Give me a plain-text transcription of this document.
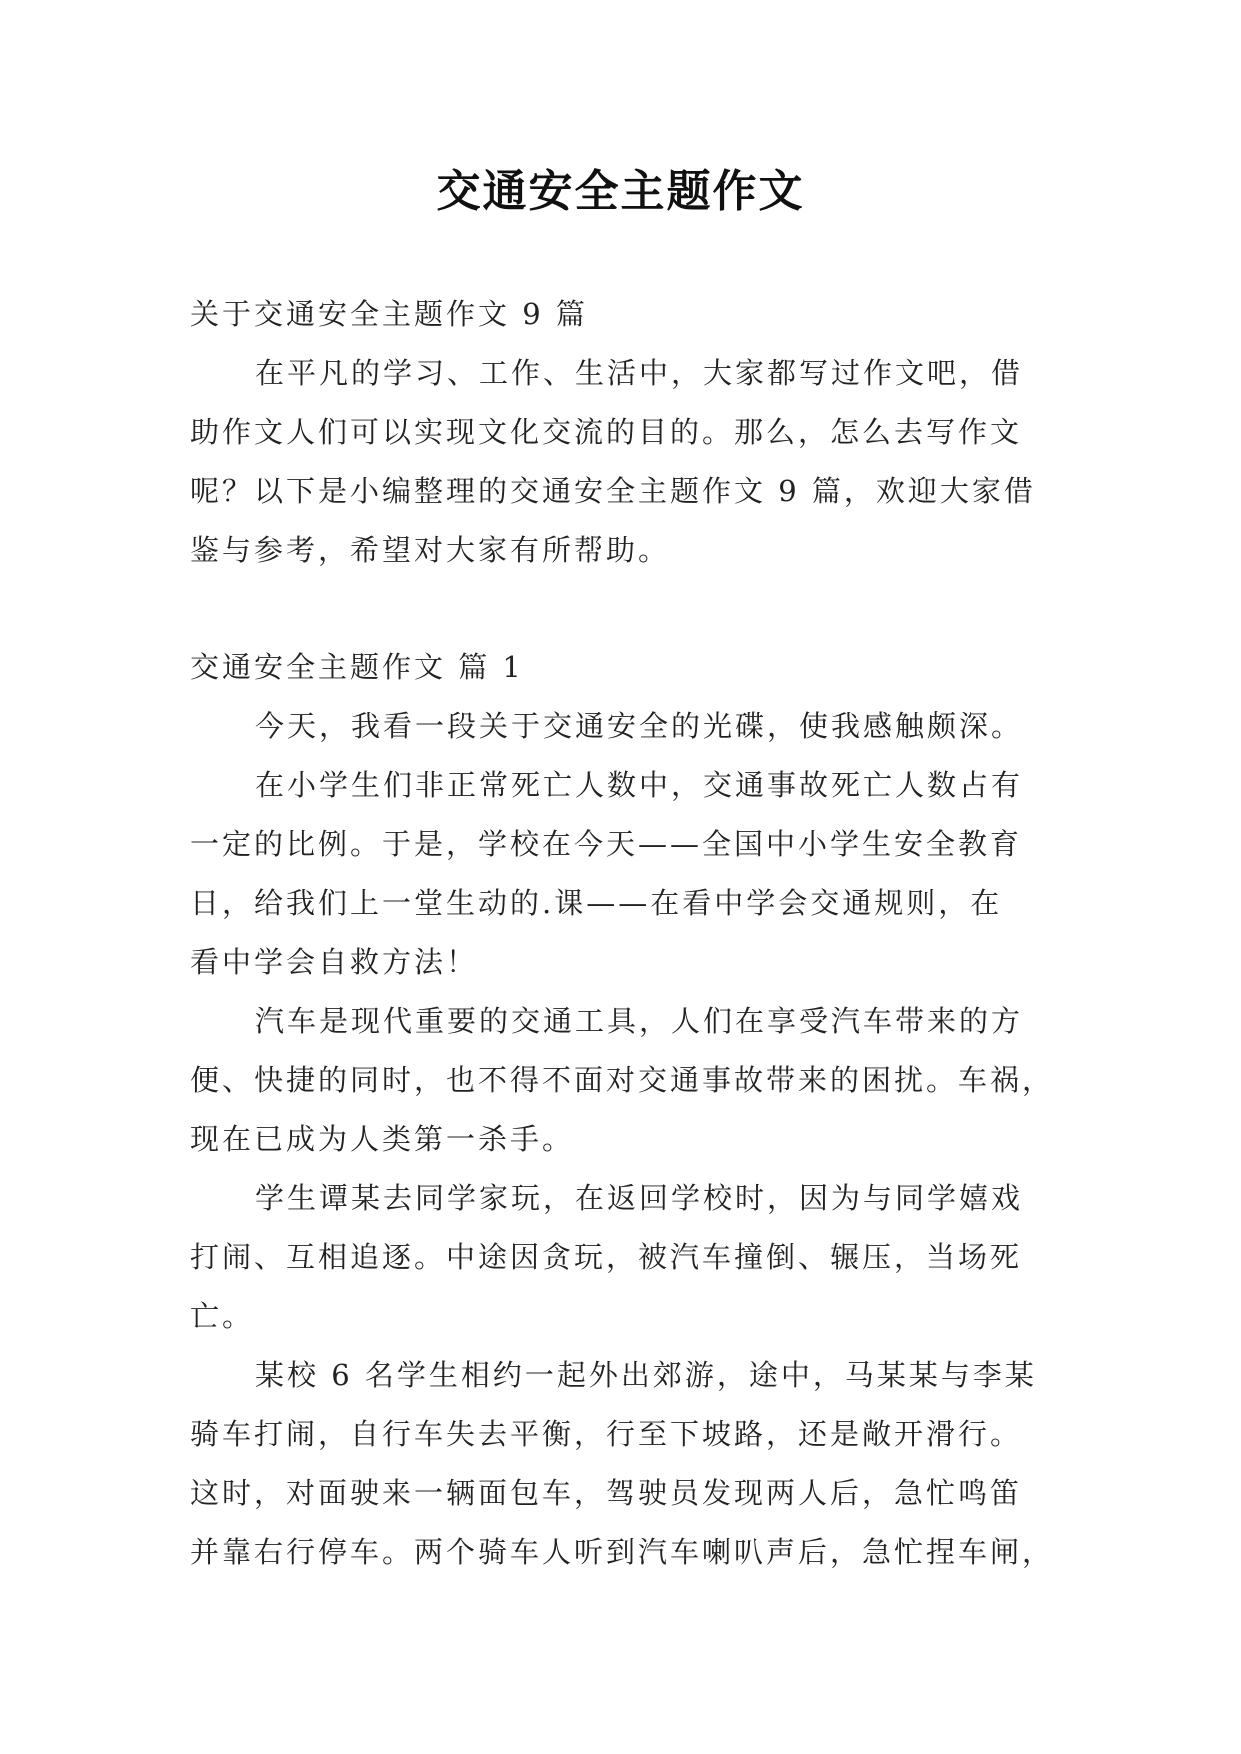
交通安全主题作文
关于交通安全主题作文 9 篇
在平凡的学习、工作、生活中，大家都写过作文吧，借
助作文人们可以实现文化交流的目的。那么，怎么去写作文
呢？以下是小编整理的交通安全主题作文 9 篇，欢迎大家借
鉴与参考，希望对大家有所帮助。
交通安全主题作文 篇 1
今天，我看一段关于交通安全的光碟，使我感触颇深。
在小学生们非正常死亡人数中，交通事故死亡人数占有
一定的比例。于是，学校在今天——全国中小学生安全教育
日，给我们上一堂生动的.课——在看中学会交通规则，在
看中学会自救方法！
汽车是现代重要的交通工具，人们在享受汽车带来的方
便、快捷的同时，也不得不面对交通事故带来的困扰。车祸，
现在已成为人类第一杀手。
学生谭某去同学家玩，在返回学校时，因为与同学嬉戏
打闹、互相追逐。中途因贪玩，被汽车撞倒、辗压，当场死
亡。
某校 6 名学生相约一起外出郊游，途中，马某某与李某
骑车打闹，自行车失去平衡，行至下坡路，还是敞开滑行。
这时，对面驶来一辆面包车，驾驶员发现两人后，急忙鸣笛
并靠右行停车。两个骑车人听到汽车喇叭声后，急忙捏车闸，
